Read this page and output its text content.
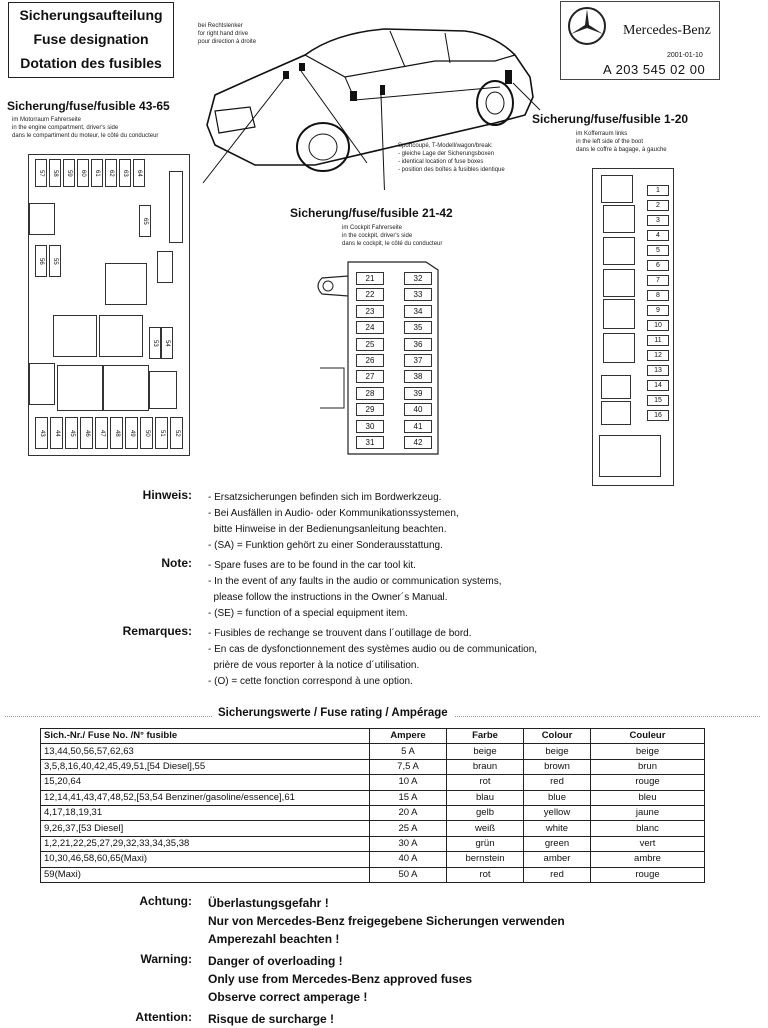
Sicherungsaufteilung
Fuse designation
Dotation des fusibles
Mercedes-Benz
2001-01-10
A 203 545 02 00
bei Rechtslenker
for right hand drive
pour direction à droite
Sicherung/fuse/fusible 43-65
im Motorraum Fahrerseite
in the engine compartment, driver's side
dans le compartiment du moteur, le côté du conducteur
Sicherung/fuse/fusible 1-20
im Kofferraum links
in the left side of the boot
dans le coffre à bagage, à gauche
Sportcoupé, T-Modell/wagon/break:
- gleiche Lage der Sicherungsboxen
- identical location of fuse boxes
- position des boîtes à fusibles identique
Sicherung/fuse/fusible 21-42
im Cockpit Fahrerseite
in the cockpit, driver's side
dans le cockpit, le côté du conducteur
57	58	59	60	61	62	63	64
65
56	55
53	54
43	44	45	46	47	48	49	50	51	52
21
22
23
24
25
26
27
28
29
30
31
32
33
34
35
36
37
38
39
40
41
42
1
2
3
4
5
6
7
8
9
10
11
12
13
14
15
16
Hinweis: - Ersatzsicherungen befinden sich im Bordwerkzeug.
- Bei Ausfällen in Audio- oder Kommunikationssystemen,
bitte Hinweise in der Bedienungsanleitung beachten.
- (SA) = Funktion gehört zu einer Sonderausstattung.
Note: - Spare fuses are to be found in the car tool kit.
- In the event of any faults in the audio or communication systems,
please follow the instructions in the Owner´s Manual.
- (SE) = function of a special equipment item.
Remarques: - Fusibles de rechange se trouvent dans l´outillage de bord.
- En cas de dysfonctionnement des systèmes audio ou de communication,
prière de vous reporter à la notice d´utilisation.
- (O) = cette fonction correspond à une option.
Sicherungswerte / Fuse rating / Ampérage
Sich.-Nr./ Fuse No. /N° fusible	Ampere	Farbe	Colour	Couleur
13,44,50,56,57,62,63	5 A	beige	beige	beige
3,5,8,16,40,42,45,49,51,[54 Diesel],55	7,5 A	braun	brown	brun
15,20,64	10 A	rot	red	rouge
12,14,41,43,47,48,52,[53,54 Benziner/gasoline/essence],61	15 A	blau	blue	bleu
4,17,18,19,31	20 A	gelb	yellow	jaune
9,26,37,[53 Diesel]	25 A	weiß	white	blanc
1,2,21,22,25,27,29,32,33,34,35,38	30 A	grün	green	vert
10,30,46,58,60,65(Maxi)	40 A	bernstein	amber	ambre
59(Maxi)	50 A	rot	red	rouge
Achtung: Überlastungsgefahr !
Nur von Mercedes-Benz freigegebene Sicherungen verwenden
Amperezahl beachten !
Warning: Danger of overloading !
Only use from Mercedes-Benz approved fuses
Observe correct amperage !
Attention: Risque de surcharge !
